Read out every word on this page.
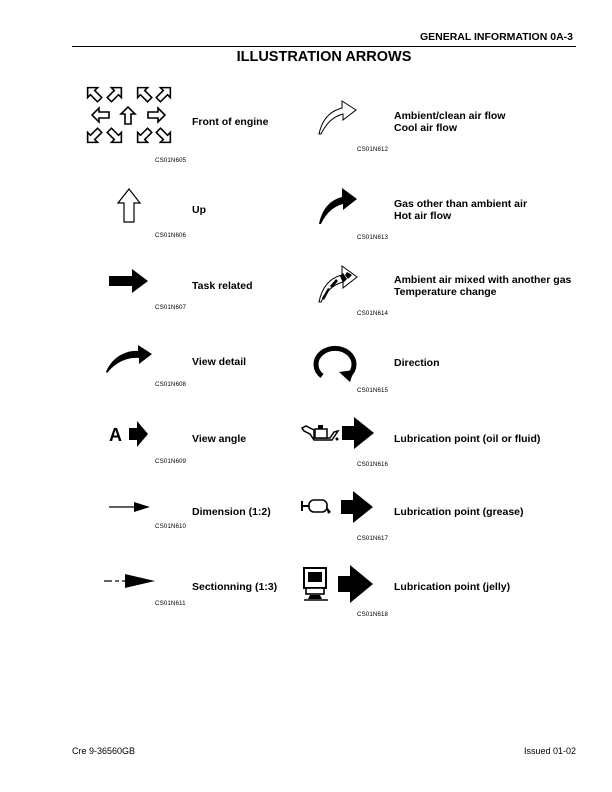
GENERAL INFORMATION 0A-3
ILLUSTRATION ARROWS
Front of engine
CS01N605
Up
CS01N606
Task related
CS01N607
View detail
CS01N608
A	View angle
CS01N609
Dimension (1:2)
CS01N610
Sectionning (1:3)
CS01N611
Ambient/clean air flow
Cool air flow
CS01N612
Gas other than ambient air
Hot air flow
CS01N613
Ambient air mixed with another gas
Temperature change
CS01N614
Direction
CS01N615
Lubrication point (oil or fluid)
CS01N616
Lubrication point (grease)
CS01N617
Lubrication point (jelly)
CS01N618
Cre 9-36560GB	Issued 01-02
